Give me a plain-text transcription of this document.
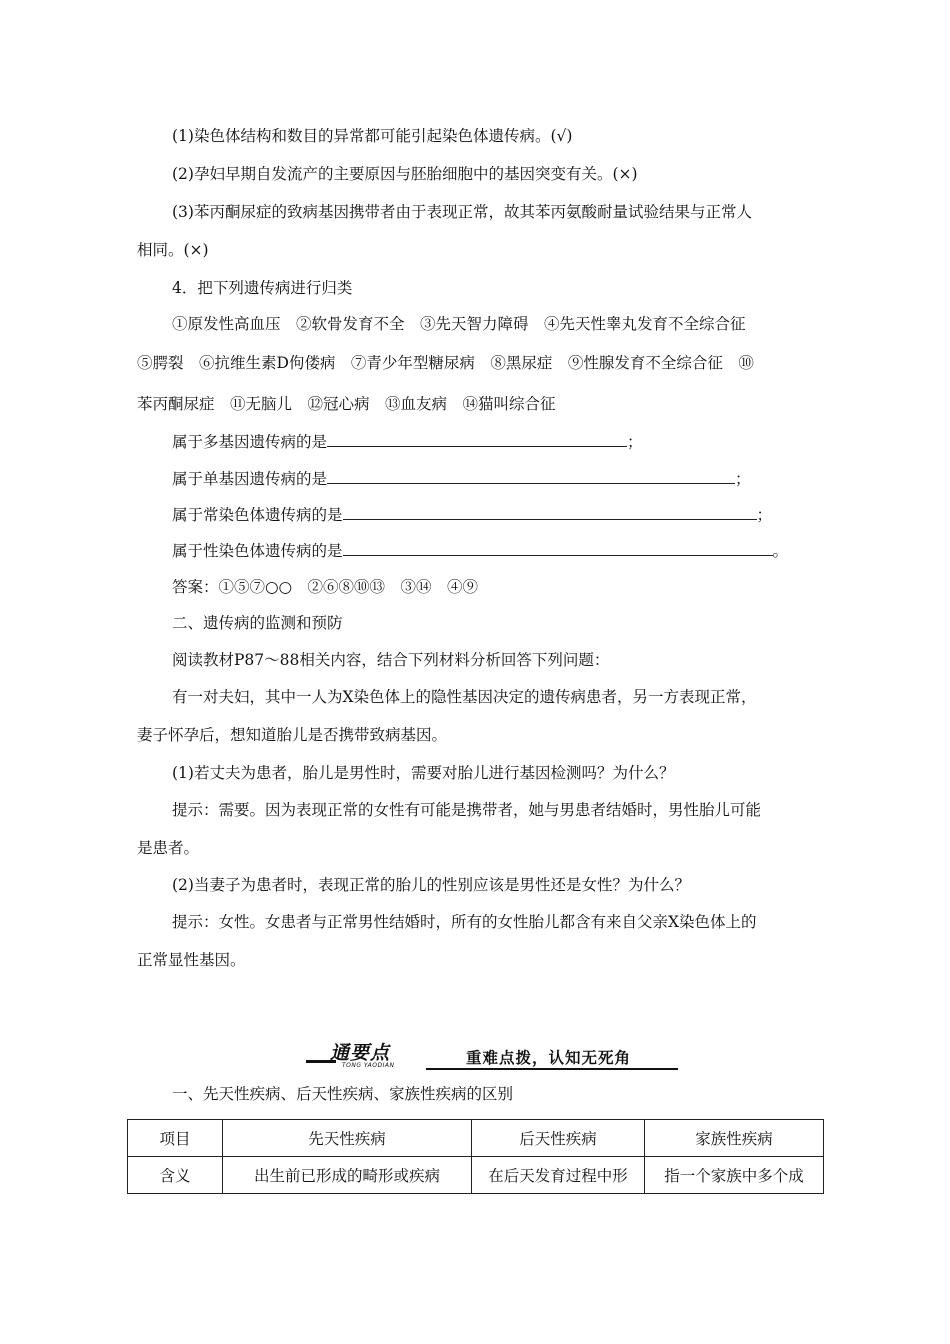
(1)染色体结构和数目的异常都可能引起染色体遗传病。(√)
(2)孕妇早期自发流产的主要原因与胚胎细胞中的基因突变有关。(×)
(3)苯丙酮尿症的致病基因携带者由于表现正常，故其苯丙氨酸耐量试验结果与正常人
相同。(×)
4．把下列遗传病进行归类
①原发性高血压　②软骨发育不全　③先天智力障碍　④先天性睾丸发育不全综合征
⑤腭裂　⑥抗维生素D佝偻病　⑦青少年型糖尿病　⑧黑尿症　⑨性腺发育不全综合征　⑩
苯丙酮尿症　⑪无脑儿　⑫冠心病　⑬血友病　⑭猫叫综合征
属于多基因遗传病的是	；
属于单基因遗传病的是	；
属于常染色体遗传病的是	；
属于性染色体遗传病的是	。
答案：①⑤⑦○○　②⑥⑧⑩⑬　③⑭　④⑨
二、遗传病的监测和预防
阅读教材P87～88相关内容，结合下列材料分析回答下列问题：
有一对夫妇，其中一人为X染色体上的隐性基因决定的遗传病患者，另一方表现正常，
妻子怀孕后，想知道胎儿是否携带致病基因。
(1)若丈夫为患者，胎儿是男性时，需要对胎儿进行基因检测吗？为什么？
提示：需要。因为表现正常的女性有可能是携带者，她与男患者结婚时，男性胎儿可能
是患者。
(2)当妻子为患者时，表现正常的胎儿的性别应该是男性还是女性？为什么？
提示：女性。女患者与正常男性结婚时，所有的女性胎儿都含有来自父亲X染色体上的
正常显性基因。
通要点
TONG YAODIAN	重难点拨，认知无死角
一、先天性疾病、后天性疾病、家族性疾病的区别
项目	先天性疾病	后天性疾病	家族性疾病
含义	出生前已形成的畸形或疾病	在后天发育过程中形	指一个家族中多个成
